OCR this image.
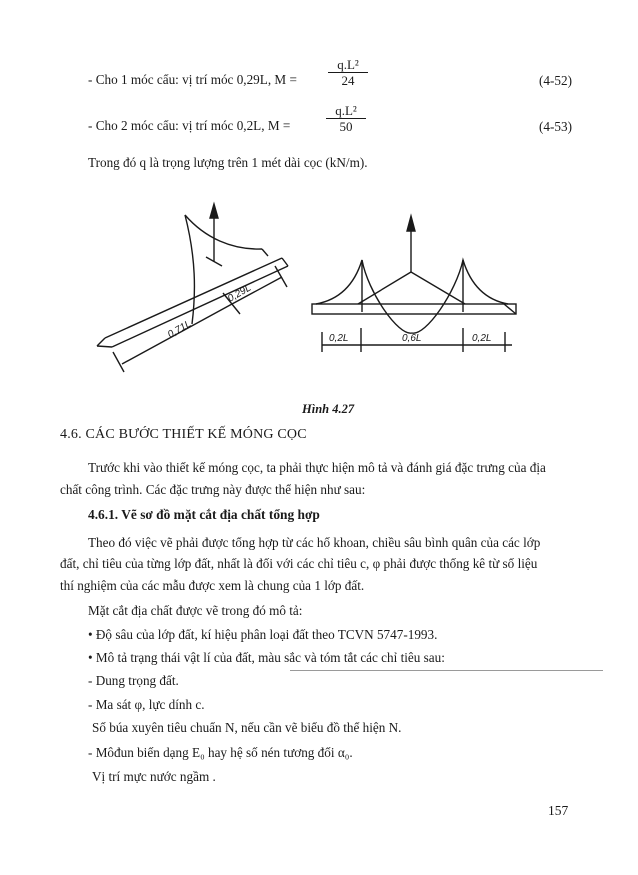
- Cho 1 móc cẩu: vị trí móc 0,29L, $M = \frac{\text{q.L²}}{24}$	(4-52)
- Cho 2 móc cẩu: vị trí móc 0,2L, M =	$\frac{\text{q.L²}}{50}$	(4-53)
Trong đó q là trọng lượng trên 1 mét dài cọc (kN/m).
0,29L
0,71L	0,2L	0,6L	0,2L
Hình 4.27
4.6. CÁC BƯỚC THIẾT KẾ MÓNG CỌC
Trước khi vào thiết kế móng cọc, ta phải thực hiện mô tả và đánh giá đặc trưng của địa
chất công trình. Các đặc trưng này được thể hiện như sau:
4.6.1. Vẽ sơ đồ mặt cắt địa chất tổng hợp
Theo đó việc vẽ phải được tổng hợp từ các hố khoan, chiều sâu bình quân của các lớp
đất, chỉ tiêu của từng lớp đất, nhất là đối với các chỉ tiêu c, φ phải được thống kê từ số liệu
thí nghiệm của các mẫu được xem là chung của 1 lớp đất.
Mặt cắt địa chất được vẽ trong đó mô tả:
• Độ sâu của lớp đất, kí hiệu phân loại đất theo TCVN 5747-1993.
• Mô tả trạng thái vật lí của đất, màu sắc và tóm tắt các chỉ tiêu sau:
- Dung trọng đất.
- Ma sát φ, lực dính c.
Số búa xuyên tiêu chuẩn N, nếu cần vẽ biểu đồ thể hiện N.
- Môđun biến dạng E₀ hay hệ số nén tương đối α₀.
Vị trí mực nước ngầm .
157
